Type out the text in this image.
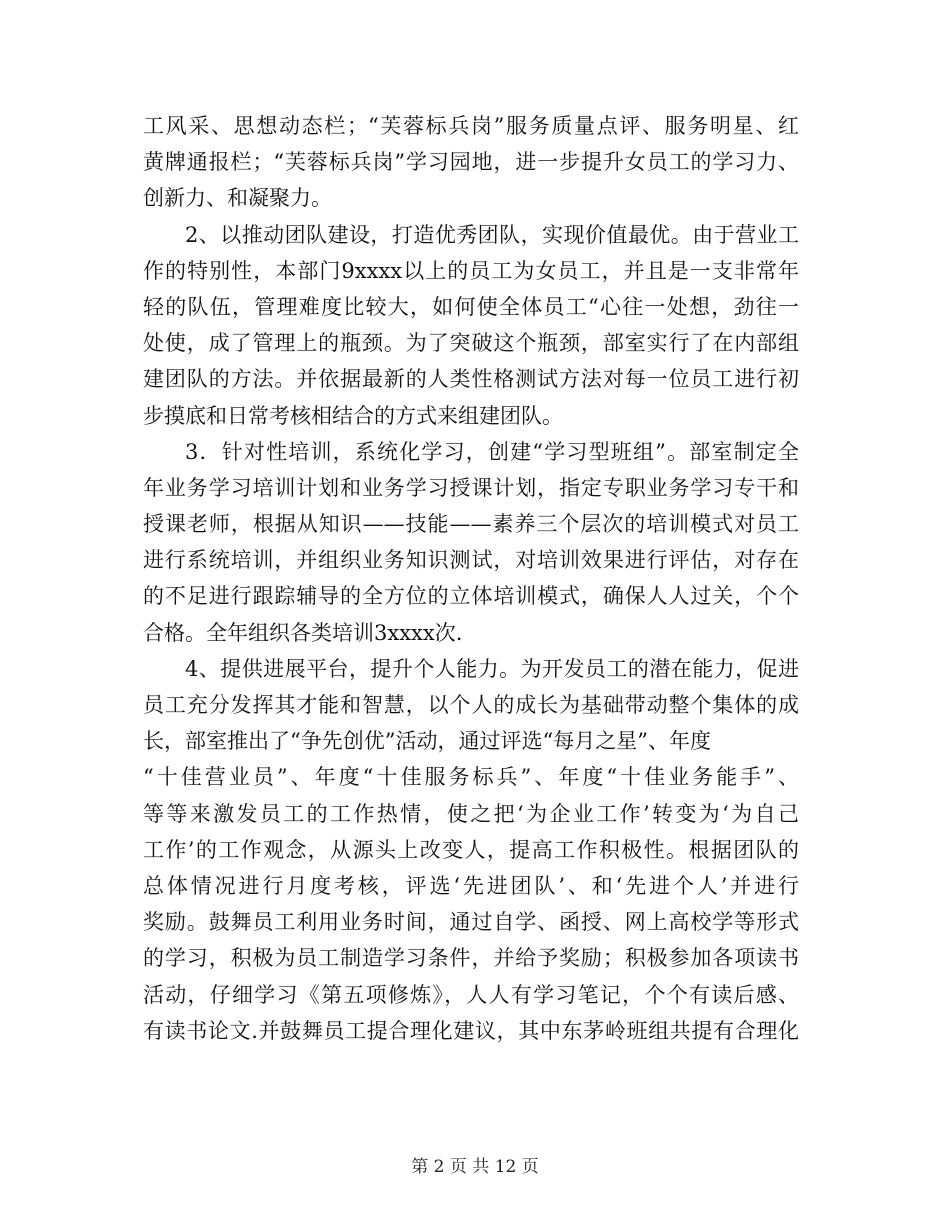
工风采、思想动态栏；“芙蓉标兵岗”服务质量点评、服务明星、红
黄牌通报栏；“芙蓉标兵岗”学习园地，进一步提升女员工的学习力、
创新力、和凝聚力。
2、以推动团队建设，打造优秀团队，实现价值最优。由于营业工
作的特别性，本部门9xxxx以上的员工为女员工，并且是一支非常年
轻的队伍，管理难度比较大，如何使全体员工“心往一处想，劲往一
处使，成了管理上的瓶颈。为了突破这个瓶颈，部室实行了在内部组
建团队的方法。并依据最新的人类性格测试方法对每一位员工进行初
步摸底和日常考核相结合的方式来组建团队。
3．针对性培训，系统化学习，创建“学习型班组”。部室制定全
年业务学习培训计划和业务学习授课计划，指定专职业务学习专干和
授课老师，根据从知识——技能——素养三个层次的培训模式对员工
进行系统培训，并组织业务知识测试，对培训效果进行评估，对存在
的不足进行跟踪辅导的全方位的立体培训模式，确保人人过关，个个
合格。全年组织各类培训3xxxx次.
4、提供进展平台，提升个人能力。为开发员工的潜在能力，促进
员工充分发挥其才能和智慧，以个人的成长为基础带动整个集体的成
长，部室推出了“争先创优”活动，通过评选“每月之星”、年度
“十佳营业员”、年度“十佳服务标兵”、年度“十佳业务能手”、
等等来激发员工的工作热情，使之把‘为企业工作’转变为‘为自己
工作’的工作观念，从源头上改变人，提高工作积极性。根据团队的
总体情况进行月度考核，评选‘先进团队’、和‘先进个人’并进行
奖励。鼓舞员工利用业务时间，通过自学、函授、网上高校学等形式
的学习，积极为员工制造学习条件，并给予奖励；积极参加各项读书
活动，仔细学习《第五项修炼》，人人有学习笔记，个个有读后感、
有读书论文.并鼓舞员工提合理化建议，其中东茅岭班组共提有合理化
第 2 页 共 12 页
